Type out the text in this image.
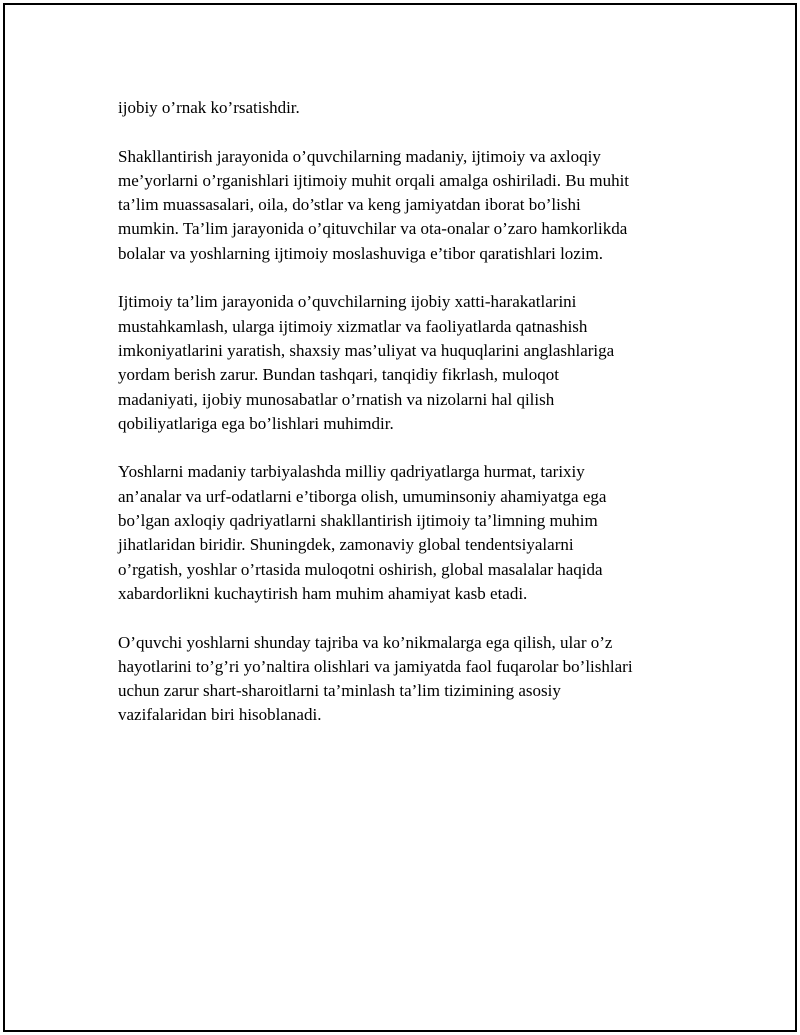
ijobiy o’rnak ko’rsatishdir.

Shakllantirish jarayonida o’quvchilarning madaniy, ijtimoiy va axloqiy
me’yorlarni o’rganishlari ijtimoiy muhit orqali amalga oshiriladi. Bu muhit
ta’lim muassasalari, oila, do’stlar va keng jamiyatdan iborat bo’lishi
mumkin. Ta’lim jarayonida o’qituvchilar va ota-onalar o’zaro hamkorlikda
bolalar va yoshlarning ijtimoiy moslashuviga e’tibor qaratishlari lozim.

Ijtimoiy ta’lim jarayonida o’quvchilarning ijobiy xatti-harakatlarini
mustahkamlash, ularga ijtimoiy xizmatlar va faoliyatlarda qatnashish
imkoniyatlarini yaratish, shaxsiy mas’uliyat va huquqlarini anglashlariga
yordam berish zarur. Bundan tashqari, tanqidiy fikrlash, muloqot
madaniyati, ijobiy munosabatlar o’rnatish va nizolarni hal qilish
qobiliyatlariga ega bo’lishlari muhimdir.

Yoshlarni madaniy tarbiyalashda milliy qadriyatlarga hurmat, tarixiy
an’analar va urf-odatlarni e’tiborga olish, umuminsoniy ahamiyatga ega
bo’lgan axloqiy qadriyatlarni shakllantirish ijtimoiy ta’limning muhim
jihatlaridan biridir. Shuningdek, zamonaviy global tendentsiyalarni
o’rgatish, yoshlar o’rtasida muloqotni oshirish, global masalalar haqida
xabardorlikni kuchaytirish ham muhim ahamiyat kasb etadi.

O’quvchi yoshlarni shunday tajriba va ko’nikmalarga ega qilish, ular o’z
hayotlarini to’g’ri yo’naltira olishlari va jamiyatda faol fuqarolar bo’lishlari
uchun zarur shart-sharoitlarni ta’minlash ta’lim tizimining asosiy
vazifalaridan biri hisoblanadi.
